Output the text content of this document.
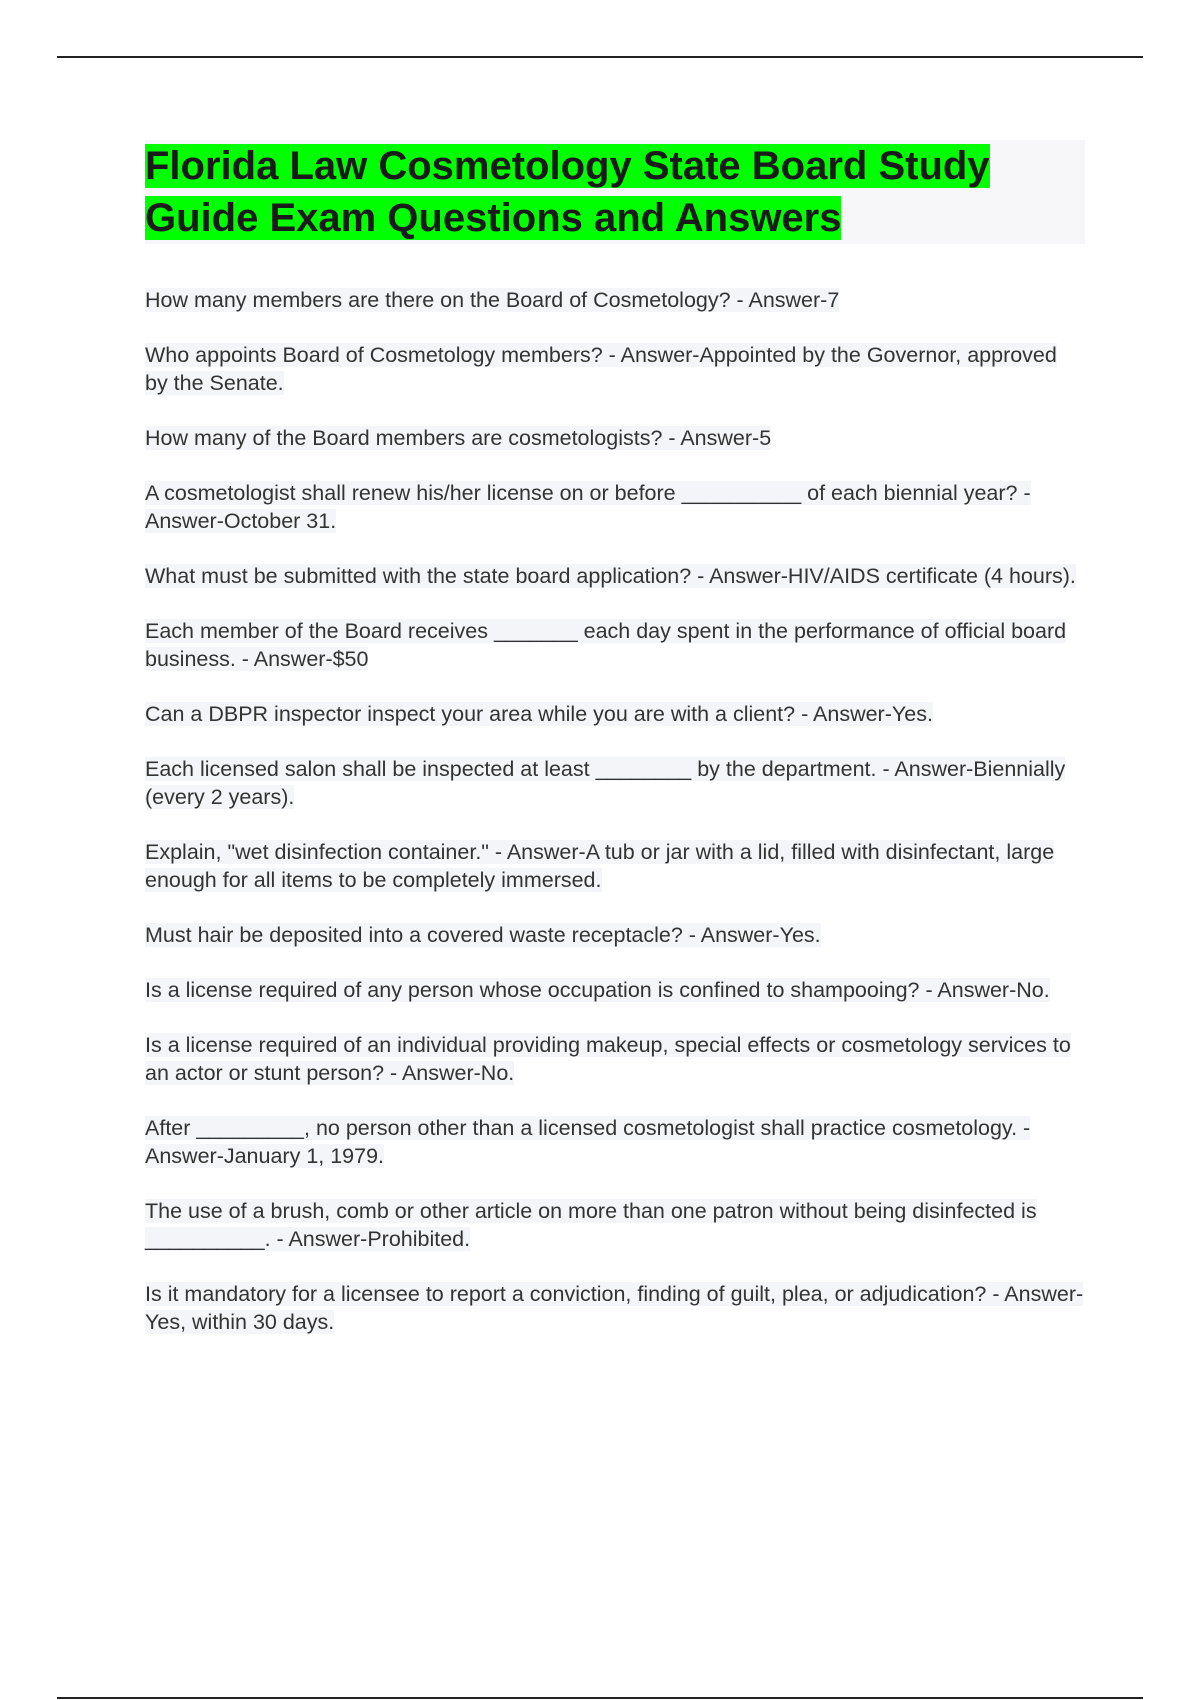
Florida Law Cosmetology State Board Study Guide Exam Questions and Answers

How many members are there on the Board of Cosmetology? - Answer-7

Who appoints Board of Cosmetology members? - Answer-Appointed by the Governor, approved by the Senate.

How many of the Board members are cosmetologists? - Answer-5

A cosmetologist shall renew his/her license on or before __________ of each biennial year? - Answer-October 31.

What must be submitted with the state board application? - Answer-HIV/AIDS certificate (4 hours).

Each member of the Board receives _______ each day spent in the performance of official board business. - Answer-$50

Can a DBPR inspector inspect your area while you are with a client? - Answer-Yes.

Each licensed salon shall be inspected at least ________ by the department. - Answer-Biennially (every 2 years).

Explain, "wet disinfection container." - Answer-A tub or jar with a lid, filled with disinfectant, large enough for all items to be completely immersed.

Must hair be deposited into a covered waste receptacle? - Answer-Yes.

Is a license required of any person whose occupation is confined to shampooing? - Answer-No.

Is a license required of an individual providing makeup, special effects or cosmetology services to an actor or stunt person? - Answer-No.

After _________, no person other than a licensed cosmetologist shall practice cosmetology. - Answer-January 1, 1979.

The use of a brush, comb or other article on more than one patron without being disinfected is __________. - Answer-Prohibited.

Is it mandatory for a licensee to report a conviction, finding of guilt, plea, or adjudication? - Answer-Yes, within 30 days.
